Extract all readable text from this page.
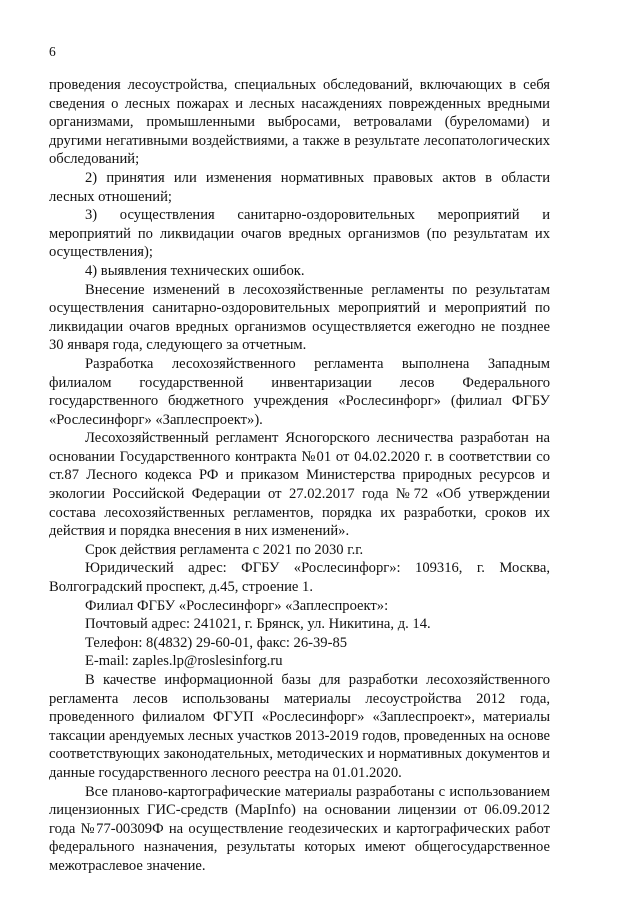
6

проведения лесоустройства, специальных обследований, включающих в себя сведения о лесных пожарах и лесных насаждениях поврежденных вредными организмами, промышленными выбросами, ветровалами (буреломами) и другими негативными воздействиями, а также в результате лесопатологических обследований;

2) принятия или изменения нормативных правовых актов в области лесных отношений;

3) осуществления санитарно-оздоровительных мероприятий и мероприятий по ликвидации очагов вредных организмов (по результатам их осуществления);

4) выявления технических ошибок.

Внесение изменений в лесохозяйственные регламенты по результатам осуществления санитарно-оздоровительных мероприятий и мероприятий по ликвидации очагов вредных организмов осуществляется ежегодно не позднее 30 января года, следующего за отчетным.

Разработка лесохозяйственного регламента выполнена Западным филиалом государственной инвентаризации лесов Федерального государственного бюджетного учреждения «Рослесинфорг» (филиал ФГБУ «Рослесинфорг» «Заплеспроект»).

Лесохозяйственный регламент Ясногорского лесничества разработан на основании Государственного контракта №01 от 04.02.2020 г. в соответствии со ст.87 Лесного кодекса РФ и приказом Министерства природных ресурсов и экологии Российской Федерации от 27.02.2017 года №72 «Об утверждении состава лесохозяйственных регламентов, порядка их разработки, сроков их действия и порядка внесения в них изменений».

Срок действия регламента с 2021 по 2030 г.г.

Юридический адрес: ФГБУ «Рослесинфорг»: 109316, г. Москва, Волгоградский проспект, д.45, строение 1.

Филиал ФГБУ «Рослесинфорг» «Заплеспроект»:

Почтовый адрес: 241021, г. Брянск, ул. Никитина, д. 14.

Телефон: 8(4832) 29-60-01, факс: 26-39-85

E-mail: zaples.lp@roslesinforg.ru

В качестве информационной базы для разработки лесохозяйственного регламента лесов использованы материалы лесоустройства 2012 года, проведенного филиалом ФГУП «Рослесинфорг» «Заплеспроект», материалы таксации арендуемых лесных участков 2013-2019 годов, проведенных на основе соответствующих законодательных, методических и нормативных документов и данные государственного лесного реестра на 01.01.2020.

Все планово-картографические материалы разработаны с использованием лицензионных ГИС-средств (MapInfo) на основании лицензии от 06.09.2012 года №77-00309Ф на осуществление геодезических и картографических работ федерального назначения, результаты которых имеют общегосударственное межотраслевое значение.
